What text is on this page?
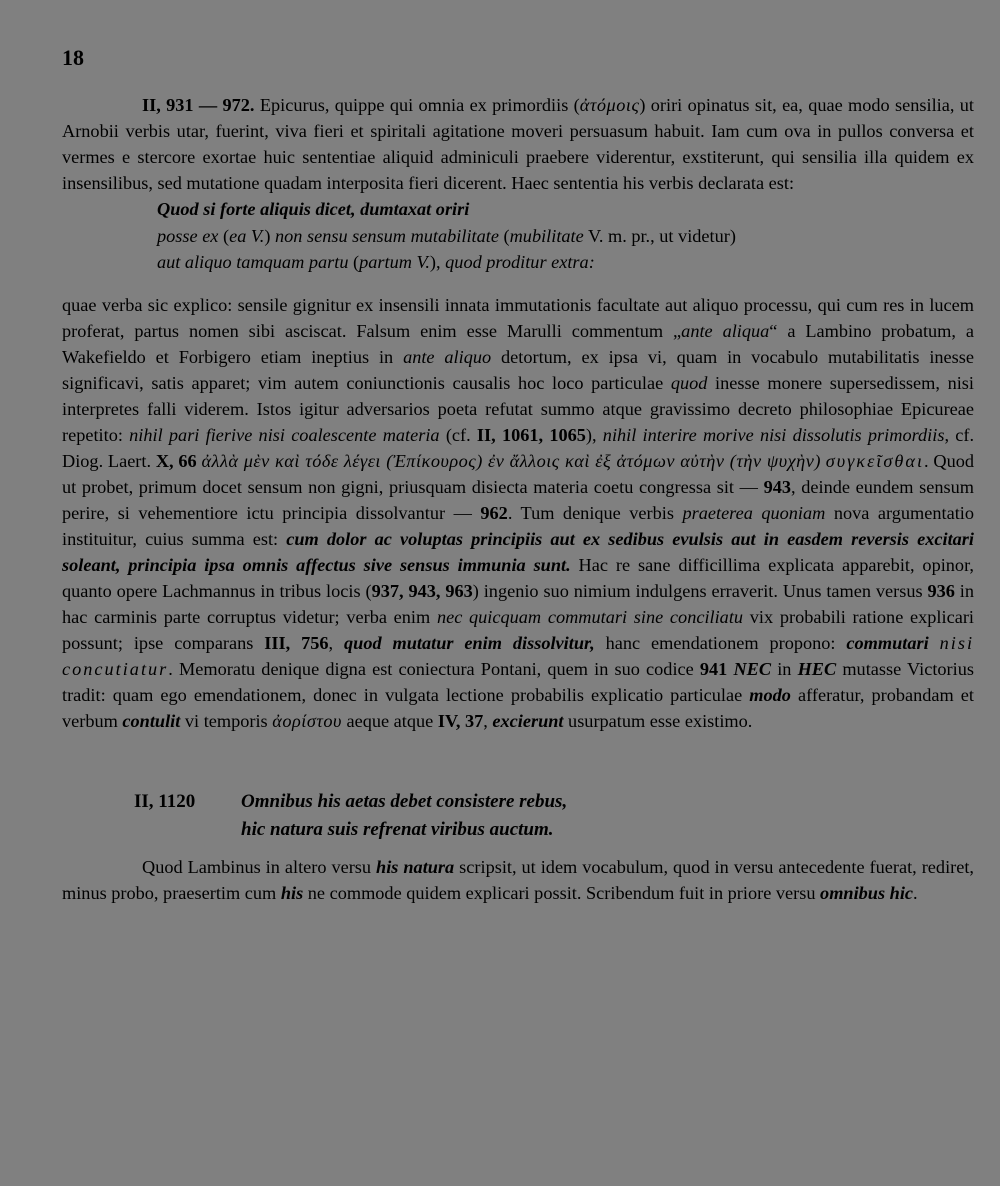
18

II, 931 — 972. Epicurus, quippe qui omnia ex primordiis (ἀτόμοις) oriri opinatus sit, ea, quae modo sensilia, ut Arnobii verbis utar, fuerint, viva fieri et spiritali agitatione moveri persuasum habuit. Iam cum ova in pullos conversa et vermes e stercore exortae huic sententiae aliquid adminiculi praebere viderentur, exstiterunt, qui sensilia illa quidem ex insensilibus, sed mutatione quadam interposita fieri dicerent. Haec sententia his verbis declarata est:

Quod si forte aliquis dicet, dumtaxat oriri
posse ex (ea V.) non sensu sensum mutabilitate (mubilitate V. m. pr., ut videtur)
aut aliquo tamquam partu (partum V.), quod proditur extra:

quae verba sic explico: sensile gignitur ex insensili innata immutationis facultate aut aliquo processu, qui cum res in lucem proferat, partus nomen sibi asciscat. Falsum enim esse Marulli commentum „ante aliqua“ a Lambino probatum, a Wakefieldo et Forbigero etiam ineptius in ante aliquo detortum, ex ipsa vi, quam in vocabulo mutabilitatis inesse significavi, satis apparet; vim autem coniunctionis causalis hoc loco particulae quod inesse monere supersedissem, nisi interpretes falli viderem. Istos igitur adversarios poeta refutat summo atque gravissimo decreto philosophiae Epicureae repetito: nihil pari fierive nisi coalescente materia (cf. II, 1061, 1065), nihil interire morive nisi dissolutis primordiis, cf. Diog. Laert. X, 66 ἀλλὰ μὲν καὶ τόδε λέγει (Ἐπίκουρος) ἐν ἄλλοις καὶ ἐξ ἀτόμων αὐτὴν (τὴν ψυχὴν) συγκεῖσθαι. Quod ut probet, primum docet sensum non gigni, priusquam disiecta materia coetu congressa sit — 943, deinde eundem sensum perire, si vehementiore ictu principia dissolvantur — 962. Tum denique verbis praeterea quoniam nova argumentatio instituitur, cuius summa est: cum dolor ac voluptas principiis aut ex sedibus evulsis aut in easdem reversis excitari soleant, principia ipsa omnis affectus sive sensus immunia sunt. Hac re sane difficillima explicata apparebit, opinor, quanto opere Lachmannus in tribus locis (937, 943, 963) ingenio suo nimium indulgens erraverit. Unus tamen versus 936 in hac carminis parte corruptus videtur; verba enim nec quicquam commutari sine conciliatu vix probabili ratione explicari possunt; ipse comparans III, 756, quod mutatur enim dissolvitur, hanc emendationem propono: commutari nisi concutiatur. Memoratu denique digna est coniectura Pontani, quem in suo codice 941 NEC in HEC mutasse Victorius tradit: quam ego emendationem, donec in vulgata lectione probabilis explicatio particulae modo afferatur, probandam et verbum contulit vi temporis ἀορίστου aeque atque IV, 37, excierunt usurpatum esse existimo.

II, 1120 Omnibus his aetas debet consistere rebus,
hic natura suis refrenat viribus auctum.

Quod Lambinus in altero versu his natura scripsit, ut idem vocabulum, quod in versu antecedente fuerat, rediret, minus probo, praesertim cum his ne commode quidem explicari possit. Scribendum fuit in priore versu omnibus hic.
